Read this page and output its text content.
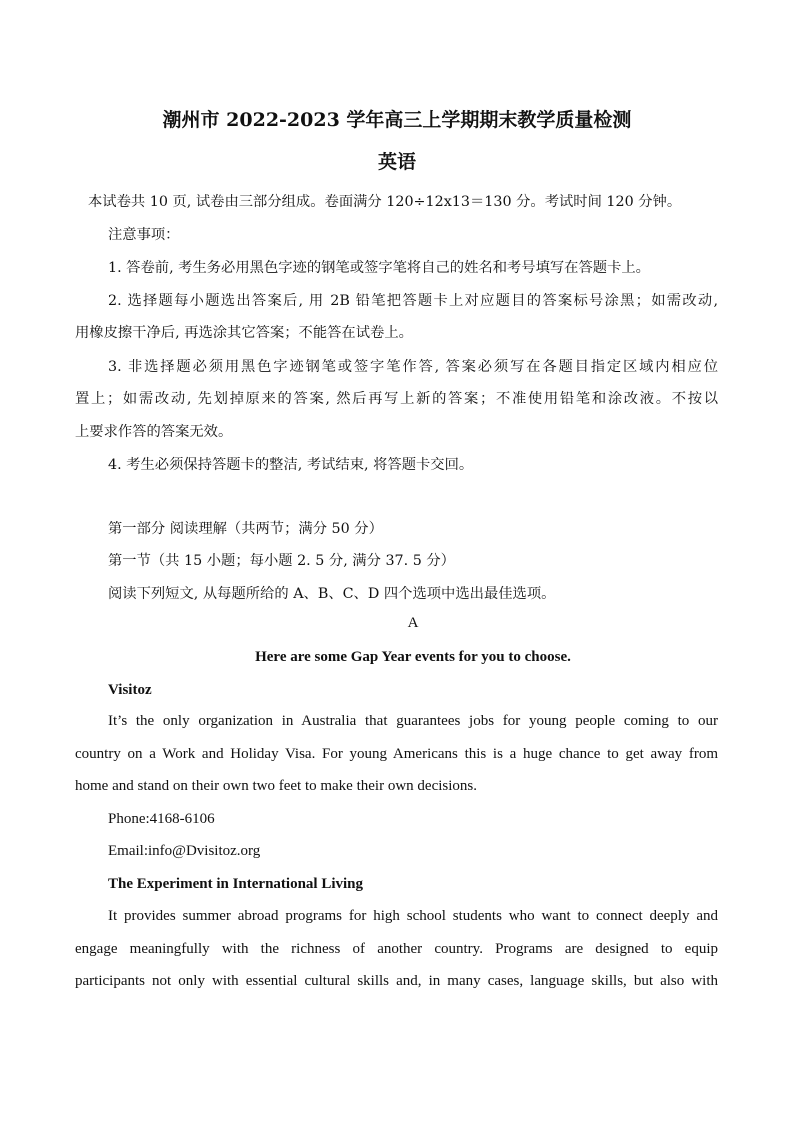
潮州市 2022-2023 学年高三上学期期末教学质量检测
英语
本试卷共 10 页, 试卷由三部分组成。卷面满分 120÷12x13＝130 分。考试时间 120 分钟。
注意事项：
1. 答卷前, 考生务必用黑色字迹的钢笔或签字笔将自己的姓名和考号填写在答题卡上。
2. 选择题每小题选出答案后, 用 2B 铅笔把答题卡上对应题目的答案标号涂黑；如需改动,
用橡皮擦干净后, 再选涂其它答案；不能答在试卷上。
3. 非选择题必须用黑色字迹钢笔或签字笔作答, 答案必须写在各题目指定区域内相应位
置上；如需改动, 先划掉原来的答案, 然后再写上新的答案；不准使用铅笔和涂改液。不按以
上要求作答的答案无效。
4. 考生必须保持答题卡的整洁, 考试结束, 将答题卡交回。
第一部分 阅读理解（共两节；满分 50 分）
第一节（共 15 小题；每小题 2. 5 分, 满分 37. 5 分）
阅读下列短文, 从每题所给的 A、B、C、D 四个选项中选出最佳选项。
A
Here are some Gap Year events for you to choose.
Visitoz
It’s the only organization in Australia that guarantees jobs for young people coming to our
country on a Work and Holiday Visa. For young Americans this is a huge chance to get away from
home and stand on their own two feet to make their own decisions.
Phone:4168-6106
Email:info@Dvisitoz.org
The Experiment in International Living
It provides summer abroad programs for high school students who want to connect deeply and
engage meaningfully with the richness of another country. Programs are designed to equip
participants not only with essential cultural skills and, in many cases, language skills, but also with
